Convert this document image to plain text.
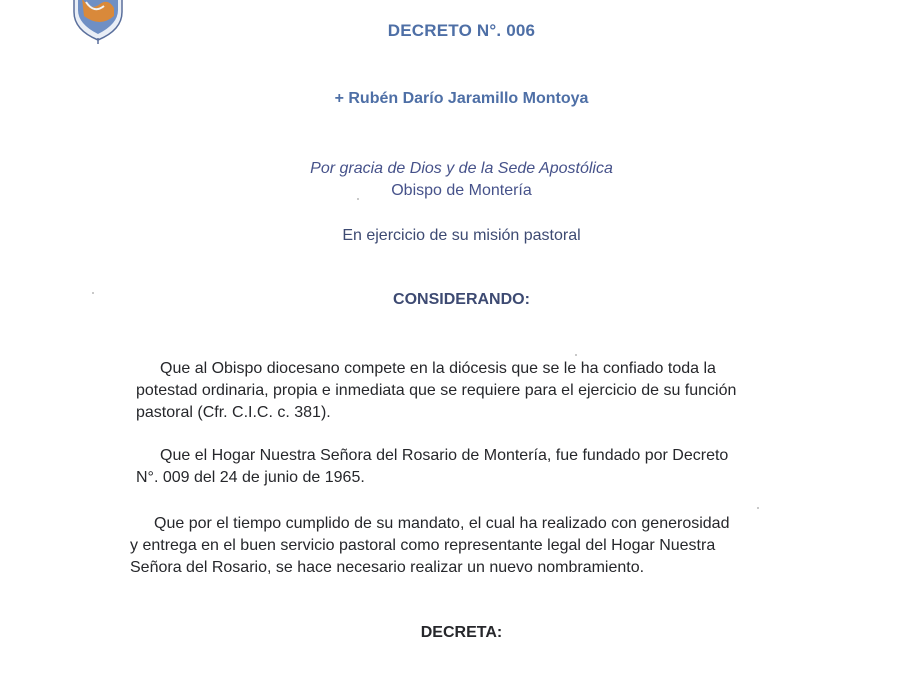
DECRETO N°. 006
+ Rubén Darío Jaramillo Montoya
Por gracia de Dios y de la Sede Apostólica
Obispo de Montería
En ejercicio de su misión pastoral
CONSIDERANDO:
Que al Obispo diocesano compete en la diócesis que se le ha confiado toda la
potestad ordinaria, propia e inmediata que se requiere para el ejercicio de su función
pastoral (Cfr. C.I.C. c. 381).
Que el Hogar Nuestra Señora del Rosario de Montería, fue fundado por Decreto
N°. 009 del 24 de junio de 1965.
Que por el tiempo cumplido de su mandato, el cual ha realizado con generosidad
y entrega en el buen servicio pastoral como representante legal del Hogar Nuestra
Señora del Rosario, se hace necesario realizar un nuevo nombramiento.
DECRETA:
